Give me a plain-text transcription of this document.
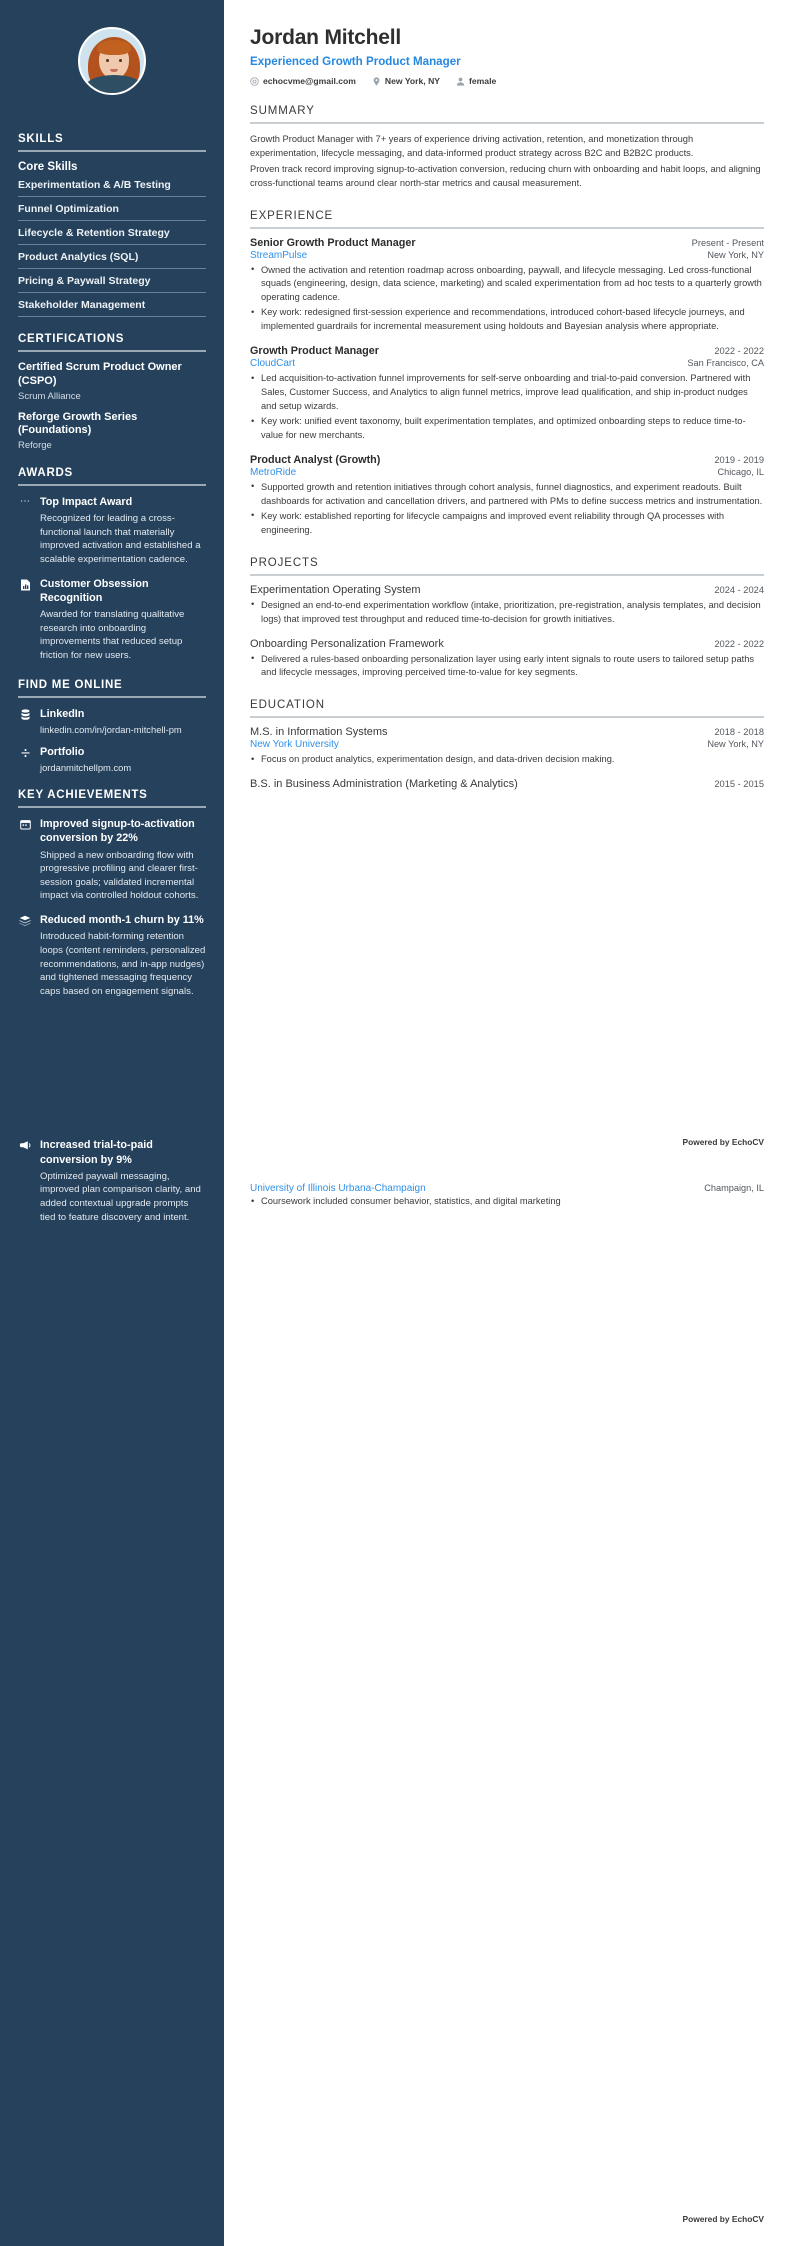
SKILLS
Core Skills
Experimentation & A/B Testing
Funnel Optimization
Lifecycle & Retention Strategy
Product Analytics (SQL)
Pricing & Paywall Strategy
Stakeholder Management
CERTIFICATIONS
Certified Scrum Product Owner (CSPO)
Scrum Alliance
Reforge Growth Series (Foundations)
Reforge
AWARDS
⋯ Top Impact Award
Recognized for leading a cross-functional launch that materially improved activation and established a scalable experimentation cadence.
Customer Obsession Recognition
Awarded for translating qualitative research into onboarding improvements that reduced setup friction for new users.
FIND ME ONLINE
LinkedIn
linkedin.com/in/jordan-mitchell-pm
Portfolio
jordanmitchellpm.com
KEY ACHIEVEMENTS
Improved signup-to-activation conversion by 22%
Shipped a new onboarding flow with progressive profiling and clearer first-session goals; validated incremental impact via controlled holdout cohorts.
Reduced month-1 churn by 11%
Introduced habit-forming retention loops (content reminders, personalized recommendations, and in-app nudges) and tightened messaging frequency caps based on engagement signals.
Increased trial-to-paid conversion by 9%
Optimized paywall messaging, improved plan comparison clarity, and added contextual upgrade prompts tied to feature discovery and intent.
Jordan Mitchell
Experienced Growth Product Manager
echocvme@gmail.com	New York, NY	female
SUMMARY

Growth Product Manager with 7+ years of experience driving activation, retention, and monetization through experimentation, lifecycle messaging, and data-informed product strategy across B2C and B2B2C products.

Proven track record improving signup-to-activation conversion, reducing churn with onboarding and habit loops, and aligning cross-functional teams around clear north-star metrics and causal measurement.

EXPERIENCE
Senior Growth Product Manager	Present - Present
StreamPulse	New York, NY
• Owned the activation and retention roadmap across onboarding, paywall, and lifecycle messaging. Led cross-functional squads (engineering, design, data science, marketing) and scaled experimentation from ad hoc tests to a quarterly growth operating cadence.
• Key work: redesigned first-session experience and recommendations, introduced cohort-based lifecycle journeys, and implemented guardrails for incremental measurement using holdouts and Bayesian analysis where appropriate.
Growth Product Manager	2022 - 2022
CloudCart	San Francisco, CA
• Led acquisition-to-activation funnel improvements for self-serve onboarding and trial-to-paid conversion. Partnered with Sales, Customer Success, and Analytics to align funnel metrics, improve lead qualification, and ship in-product nudges and setup wizards.
• Key work: unified event taxonomy, built experimentation templates, and optimized onboarding steps to reduce time-to-value for new merchants.
Product Analyst (Growth)	2019 - 2019
MetroRide	Chicago, IL
• Supported growth and retention initiatives through cohort analysis, funnel diagnostics, and experiment readouts. Built dashboards for activation and cancellation drivers, and partnered with PMs to define success metrics and instrumentation.
• Key work: established reporting for lifecycle campaigns and improved event reliability through QA processes with engineering.
PROJECTS
Experimentation Operating System	2024 - 2024
• Designed an end-to-end experimentation workflow (intake, prioritization, pre-registration, analysis templates, and decision logs) that improved test throughput and reduced time-to-decision for growth initiatives.
Onboarding Personalization Framework	2022 - 2022
• Delivered a rules-based onboarding personalization layer using early intent signals to route users to tailored setup paths and lifecycle messages, improving perceived time-to-value for key segments.
EDUCATION
M.S. in Information Systems	2018 - 2018
New York University	New York, NY
• Focus on product analytics, experimentation design, and data-driven decision making.
B.S. in Business Administration (Marketing & Analytics)	2015 - 2015
University of Illinois Urbana-Champaign	Champaign, IL
• Coursework included consumer behavior, statistics, and digital marketing
Powered by EchoCV
Powered by EchoCV
